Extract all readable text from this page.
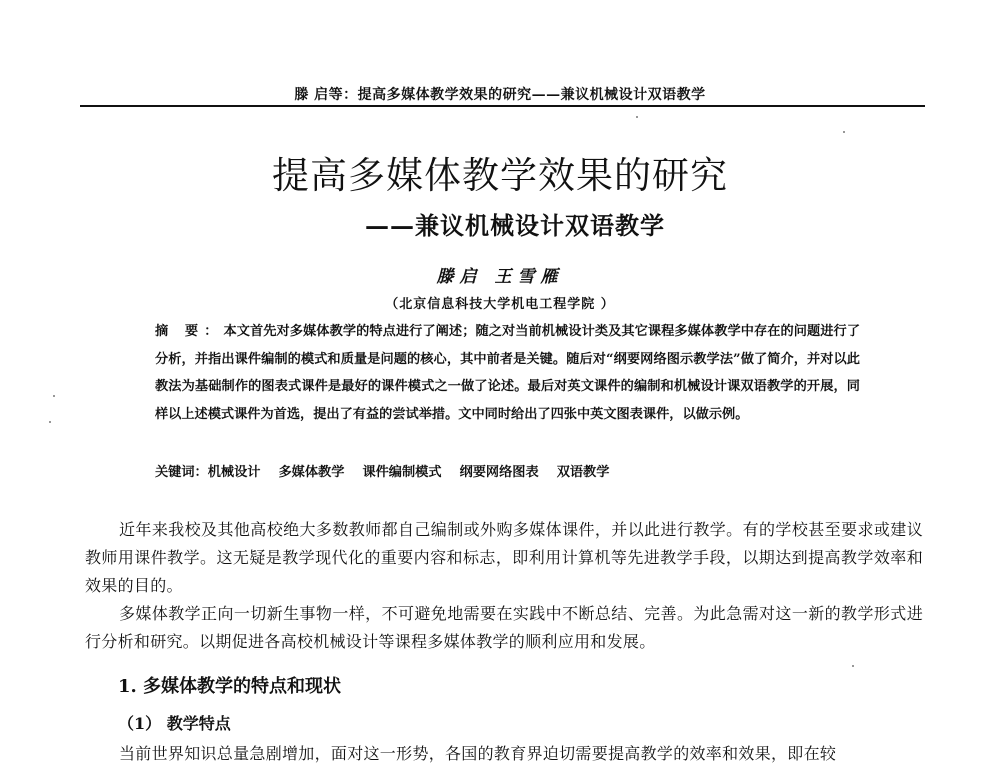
滕 启等：提高多媒体教学效果的研究——兼议机械设计双语教学
提高多媒体教学效果的研究
——兼议机械设计双语教学
滕启 王雪雁
（北京信息科技大学机电工程学院 ）

摘 要：本文首先对多媒体教学的特点进行了阐述；随之对当前机械设计类及其它课程多媒体教学中存在的问题进行了分析，并指出课件编制的模式和质量是问题的核心，其中前者是关键。随后对“纲要网络图示教学法”做了简介，并对以此教法为基础制作的图表式课件是最好的课件模式之一做了论述。最后对英文课件的编制和机械设计课双语教学的开展，同样以上述模式课件为首选，提出了有益的尝试举措。文中同时给出了四张中英文图表课件，以做示例。

关键词：机械设计 多媒体教学 课件编制模式 纲要网络图表 双语教学

近年来我校及其他高校绝大多数教师都自己编制或外购多媒体课件，并以此进行教学。有的学校甚至要求或建议教师用课件教学。这无疑是教学现代化的重要内容和标志，即利用计算机等先进教学手段，以期达到提高教学效率和效果的目的。

多媒体教学正向一切新生事物一样，不可避免地需要在实践中不断总结、完善。为此急需对这一新的教学形式进行分析和研究。以期促进各高校机械设计等课程多媒体教学的顺利应用和发展。

1. 多媒体教学的特点和现状
（1） 教学特点

当前世界知识总量急剧增加，面对这一形势，各国的教育界迫切需要提高教学的效率和效果，即在较
